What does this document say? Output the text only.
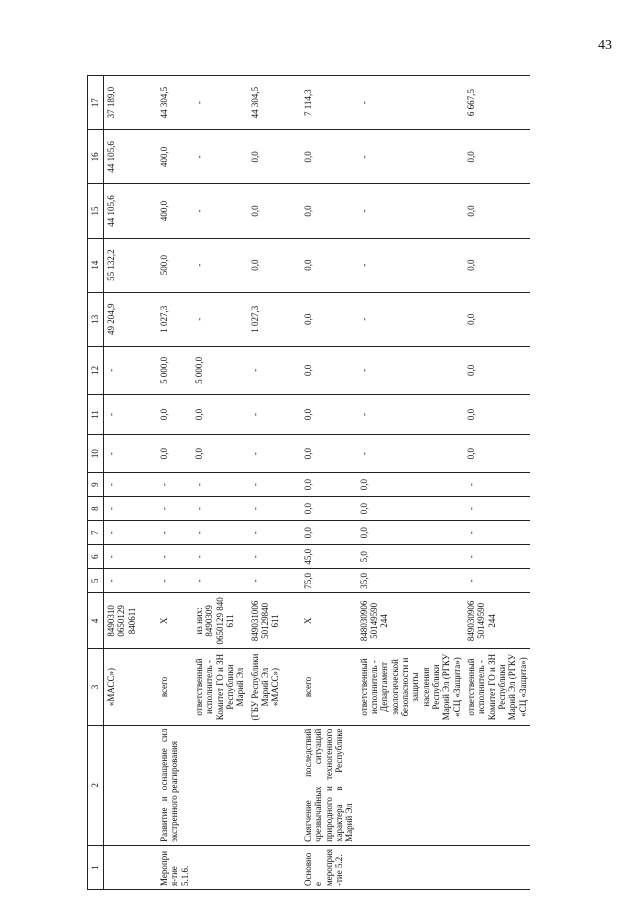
43
1	2	3	4	5	6	7	8	9	10	11	12	13	14	15	16	17
		«МАСС»)	8490310 0650129 840611	-	-	-	-	-	-	-	-	49 204,9	55 132,2	44 105,6	44 105,6	37 189,0

Мероприя-тие 5.1.6.	Развитие и оснащение сил экстренного реагирования	всего	X	-	-	-	-	-	0,0	0,0	5 000,0	1 027,3	500,0	400,0	400,0	44 304,5
		ответственный исполнитель - Комитет ГО и ЗН Республики Марий Эл	из них: 8490309 0650129 840 611	-	-	-	-	-	0,0	0,0	5 000,0	-	-	-	-	-
		(ГБУ Республики Марий Эл «МАСС»)	849031006 50129840 611	-	-	-	-	-	-	-	-	1 027,3	0,0	0,0	0,0	44 304,5

Основное мероприя-тие 5.2.	Смягчение последствий чрезвычайных ситуаций природного и техногенного характера в Республике Марий Эл	всего	X	75,0	45,0	0,0	0,0	0,0	0,0	0,0	0,0	0,0	0,0	0,0	0,0	7 114,3
		ответственный исполнитель - Департамент экологической безопасности и защиты населения Республики Марий Эл (РГКУ «СЦ «Защита»)	848030906 50149590 244	35,0	5,0	0,0	0,0	0,0	-	-	-	-	-	-	-	-
		ответственный исполнитель - Комитет ГО и ЗН Республики Марий Эл (РГКУ «СЦ «Защита»)	849030906 50149590 244	-	-	-	-	-	0,0	0,0	0,0	0,0	0,0	0,0	0,0	6 667,5
